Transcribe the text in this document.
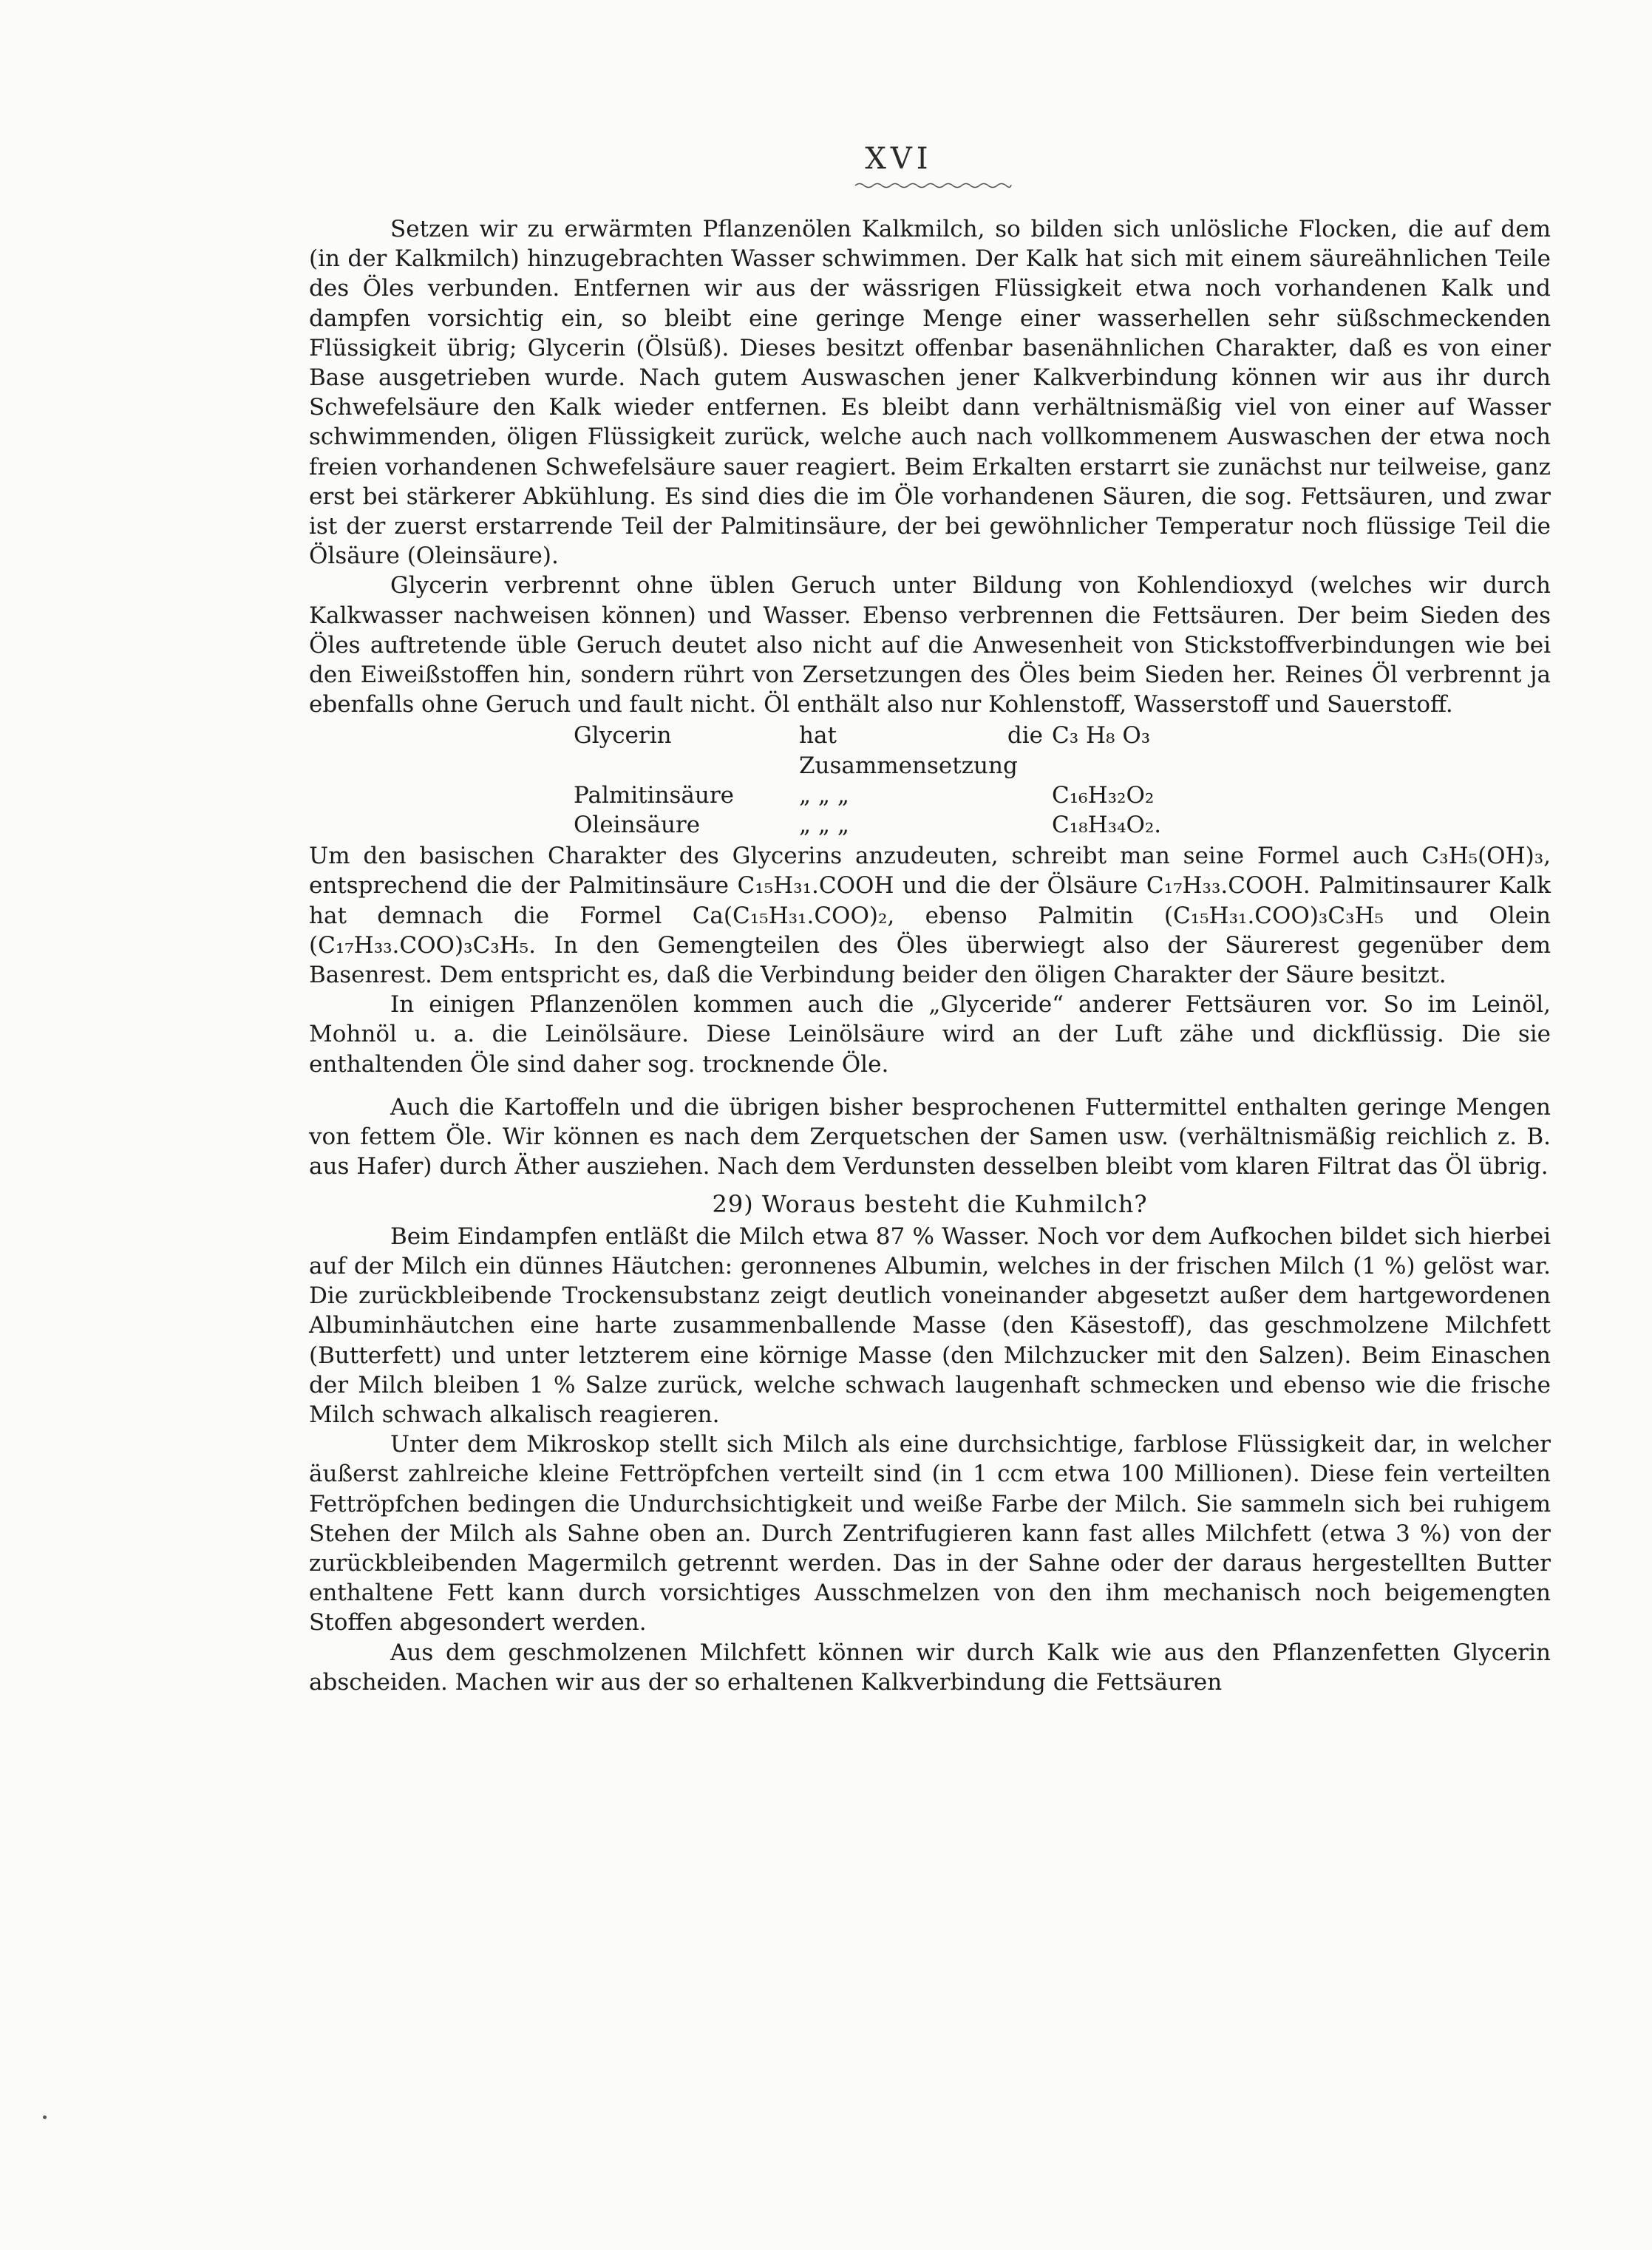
XVI

Setzen wir zu erwärmten Pflanzenölen Kalkmilch, so bilden sich unlösliche Flocken, die auf dem (in der Kalkmilch) hinzugebrachten Wasser schwimmen. Der Kalk hat sich mit einem säureähnlichen Teile des Öles verbunden. Entfernen wir aus der wässrigen Flüssigkeit etwa noch vorhandenen Kalk und dampfen vorsichtig ein, so bleibt eine geringe Menge einer wasserhellen sehr süßschmeckenden Flüssigkeit übrig; Glycerin (Ölsüß). Dieses besitzt offenbar basenähnlichen Charakter, daß es von einer Base ausgetrieben wurde. Nach gutem Auswaschen jener Kalkverbindung können wir aus ihr durch Schwefelsäure den Kalk wieder entfernen. Es bleibt dann verhältnismäßig viel von einer auf Wasser schwimmenden, öligen Flüssigkeit zurück, welche auch nach vollkommenem Auswaschen der etwa noch freien vorhandenen Schwefelsäure sauer reagiert. Beim Erkalten erstarrt sie zunächst nur teilweise, ganz erst bei stärkerer Abkühlung. Es sind dies die im Öle vorhandenen Säuren, die sog. Fettsäuren, und zwar ist der zuerst erstarrende Teil der Palmitinsäure, der bei gewöhnlicher Temperatur noch flüssige Teil die Ölsäure (Oleinsäure).

Glycerin verbrennt ohne üblen Geruch unter Bildung von Kohlendioxyd (welches wir durch Kalkwasser nachweisen können) und Wasser. Ebenso verbrennen die Fettsäuren. Der beim Sieden des Öles auftretende üble Geruch deutet also nicht auf die Anwesenheit von Stickstoffverbindungen wie bei den Eiweißstoffen hin, sondern rührt von Zersetzungen des Öles beim Sieden her. Reines Öl verbrennt ja ebenfalls ohne Geruch und fault nicht. Öl enthält also nur Kohlenstoff, Wasserstoff und Sauerstoff.

Glycerin	hat die Zusammensetzung	C₃ H₈ O₃
Palmitinsäure	„ „ „	C₁₆H₃₂O₂
Oleinsäure	„ „ „	C₁₈H₃₄O₂.

Um den basischen Charakter des Glycerins anzudeuten, schreibt man seine Formel auch C₃H₅(OH)₃, entsprechend die der Palmitinsäure C₁₅H₃₁.COOH und die der Ölsäure C₁₇H₃₃.COOH. Palmitinsaurer Kalk hat demnach die Formel Ca(C₁₅H₃₁.COO)₂, ebenso Palmitin (C₁₅H₃₁.COO)₃C₃H₅ und Olein (C₁₇H₃₃.COO)₃C₃H₅. In den Gemengteilen des Öles überwiegt also der Säurerest gegenüber dem Basenrest. Dem entspricht es, daß die Verbindung beider den öligen Charakter der Säure besitzt.

In einigen Pflanzenölen kommen auch die „Glyceride“ anderer Fettsäuren vor. So im Leinöl, Mohnöl u. a. die Leinölsäure. Diese Leinölsäure wird an der Luft zähe und dickflüssig. Die sie enthaltenden Öle sind daher sog. trocknende Öle.

Auch die Kartoffeln und die übrigen bisher besprochenen Futtermittel enthalten geringe Mengen von fettem Öle. Wir können es nach dem Zerquetschen der Samen usw. (verhältnismäßig reichlich z. B. aus Hafer) durch Äther ausziehen. Nach dem Verdunsten desselben bleibt vom klaren Filtrat das Öl übrig.

29) Woraus besteht die Kuhmilch?

Beim Eindampfen entläßt die Milch etwa 87 % Wasser. Noch vor dem Aufkochen bildet sich hierbei auf der Milch ein dünnes Häutchen: geronnenes Albumin, welches in der frischen Milch (1 %) gelöst war. Die zurückbleibende Trockensubstanz zeigt deutlich voneinander abgesetzt außer dem hartgewordenen Albuminhäutchen eine harte zusammenballende Masse (den Käsestoff), das geschmolzene Milchfett (Butterfett) und unter letzterem eine körnige Masse (den Milchzucker mit den Salzen). Beim Einaschen der Milch bleiben 1 % Salze zurück, welche schwach laugenhaft schmecken und ebenso wie die frische Milch schwach alkalisch reagieren.

Unter dem Mikroskop stellt sich Milch als eine durchsichtige, farblose Flüssigkeit dar, in welcher äußerst zahlreiche kleine Fettröpfchen verteilt sind (in 1 ccm etwa 100 Millionen). Diese fein verteilten Fettröpfchen bedingen die Undurchsichtigkeit und weiße Farbe der Milch. Sie sammeln sich bei ruhigem Stehen der Milch als Sahne oben an. Durch Zentrifugieren kann fast alles Milchfett (etwa 3 %) von der zurückbleibenden Magermilch getrennt werden. Das in der Sahne oder der daraus hergestellten Butter enthaltene Fett kann durch vorsichtiges Ausschmelzen von den ihm mechanisch noch beigemengten Stoffen abgesondert werden.

Aus dem geschmolzenen Milchfett können wir durch Kalk wie aus den Pflanzenfetten Glycerin abscheiden. Machen wir aus der so erhaltenen Kalkverbindung die Fettsäuren
